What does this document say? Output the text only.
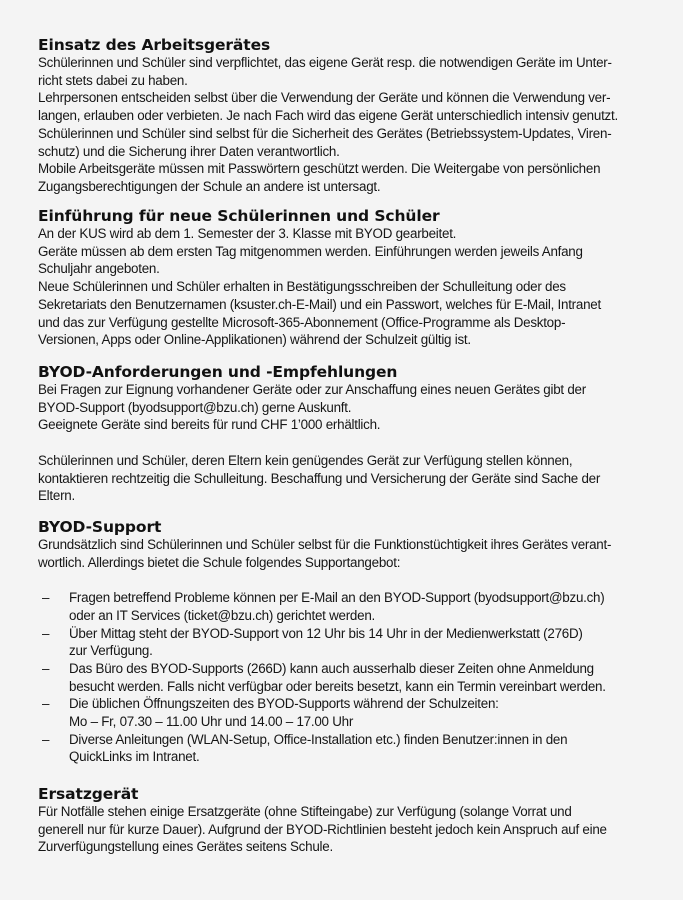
Einsatz des Arbeitsgerätes
Schülerinnen und Schüler sind verpflichtet, das eigene Gerät resp. die notwendigen Geräte im Unter-
richt stets dabei zu haben.
Lehrpersonen entscheiden selbst über die Verwendung der Geräte und können die Verwendung ver-
langen, erlauben oder verbieten. Je nach Fach wird das eigene Gerät unterschiedlich intensiv genutzt.
Schülerinnen und Schüler sind selbst für die Sicherheit des Gerätes (Betriebssystem-Updates, Viren-
schutz) und die Sicherung ihrer Daten verantwortlich.
Mobile Arbeitsgeräte müssen mit Passwörtern geschützt werden. Die Weitergabe von persönlichen
Zugangsberechtigungen der Schule an andere ist untersagt.
Einführung für neue Schülerinnen und Schüler
An der KUS wird ab dem 1. Semester der 3. Klasse mit BYOD gearbeitet.
Geräte müssen ab dem ersten Tag mitgenommen werden. Einführungen werden jeweils Anfang
Schuljahr angeboten.
Neue Schülerinnen und Schüler erhalten in Bestätigungsschreiben der Schulleitung oder des
Sekretariats den Benutzernamen (ksuster.ch-E-Mail) und ein Passwort, welches für E-Mail, Intranet
und das zur Verfügung gestellte Microsoft-365-Abonnement (Office-Programme als Desktop-
Versionen, Apps oder Online-Applikationen) während der Schulzeit gültig ist.
BYOD-Anforderungen und -Empfehlungen
Bei Fragen zur Eignung vorhandener Geräte oder zur Anschaffung eines neuen Gerätes gibt der
BYOD-Support (byodsupport@bzu.ch) gerne Auskunft.
Geeignete Geräte sind bereits für rund CHF 1’000 erhältlich.
Schülerinnen und Schüler, deren Eltern kein genügendes Gerät zur Verfügung stellen können,
kontaktieren rechtzeitig die Schulleitung. Beschaffung und Versicherung der Geräte sind Sache der
Eltern.
BYOD-Support
Grundsätzlich sind Schülerinnen und Schüler selbst für die Funktionstüchtigkeit ihres Gerätes verant-
wortlich. Allerdings bietet die Schule folgendes Supportangebot:
– Fragen betreffend Probleme können per E-Mail an den BYOD-Support (byodsupport@bzu.ch)
oder an IT Services (ticket@bzu.ch) gerichtet werden.
– Über Mittag steht der BYOD-Support von 12 Uhr bis 14 Uhr in der Medienwerkstatt (276D)
zur Verfügung.
– Das Büro des BYOD-Supports (266D) kann auch ausserhalb dieser Zeiten ohne Anmeldung
besucht werden. Falls nicht verfügbar oder bereits besetzt, kann ein Termin vereinbart werden.
– Die üblichen Öffnungszeiten des BYOD-Supports während der Schulzeiten:
Mo – Fr, 07.30 – 11.00 Uhr und 14.00 – 17.00 Uhr
– Diverse Anleitungen (WLAN-Setup, Office-Installation etc.) finden Benutzer:innen in den
QuickLinks im Intranet.
Ersatzgerät
Für Notfälle stehen einige Ersatzgeräte (ohne Stifteingabe) zur Verfügung (solange Vorrat und
generell nur für kurze Dauer). Aufgrund der BYOD-Richtlinien besteht jedoch kein Anspruch auf eine
Zurverfügungstellung eines Gerätes seitens Schule.
